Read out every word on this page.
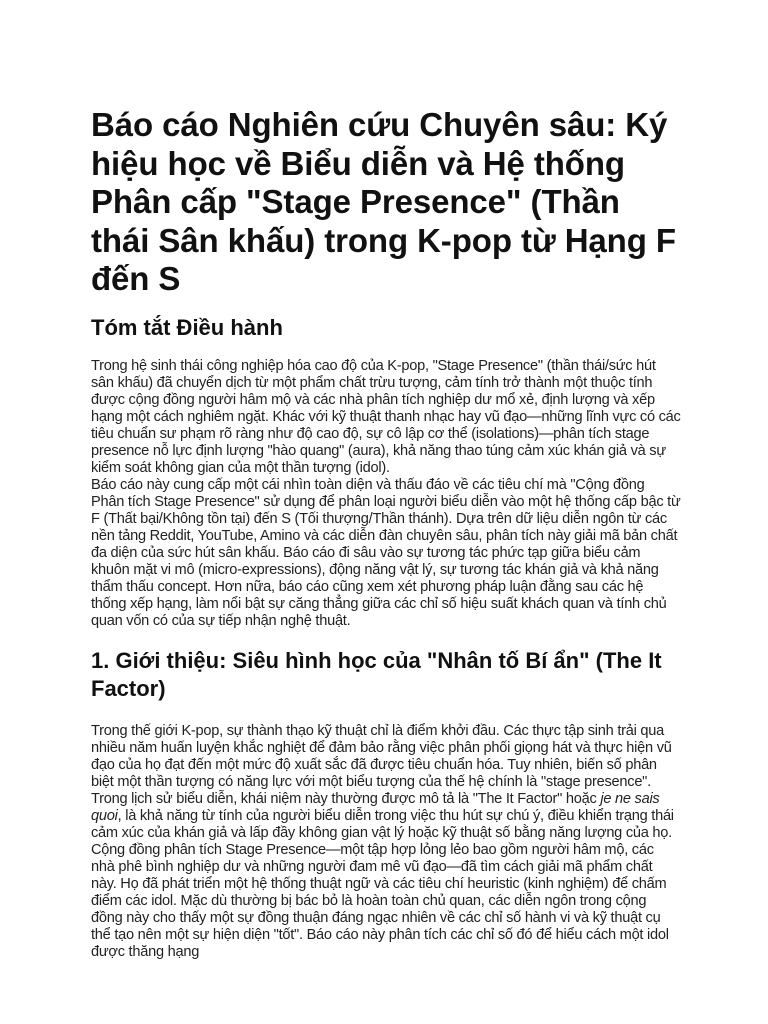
Báo cáo Nghiên cứu Chuyên sâu: Ký hiệu học về Biểu diễn và Hệ thống Phân cấp "Stage Presence" (Thần thái Sân khấu) trong K-pop từ Hạng F đến S
Tóm tắt Điều hành

Trong hệ sinh thái công nghiệp hóa cao độ của K-pop, "Stage Presence" (thần thái/sức hút sân khấu) đã chuyển dịch từ một phẩm chất trừu tượng, cảm tính trở thành một thuộc tính được cộng đồng người hâm mộ và các nhà phân tích nghiệp dư mổ xẻ, định lượng và xếp hạng một cách nghiêm ngặt. Khác với kỹ thuật thanh nhạc hay vũ đạo—những lĩnh vực có các tiêu chuẩn sư phạm rõ ràng như độ cao độ, sự cô lập cơ thể (isolations)—phân tích stage presence nỗ lực định lượng "hào quang" (aura), khả năng thao túng cảm xúc khán giả và sự kiểm soát không gian của một thần tượng (idol).

Báo cáo này cung cấp một cái nhìn toàn diện và thấu đáo về các tiêu chí mà "Cộng đồng Phân tích Stage Presence" sử dụng để phân loại người biểu diễn vào một hệ thống cấp bậc từ F (Thất bại/Không tồn tại) đến S (Tối thượng/Thần thánh). Dựa trên dữ liệu diễn ngôn từ các nền tảng Reddit, YouTube, Amino và các diễn đàn chuyên sâu, phân tích này giải mã bản chất đa diện của sức hút sân khấu. Báo cáo đi sâu vào sự tương tác phức tạp giữa biểu cảm khuôn mặt vi mô (micro-expressions), động năng vật lý, sự tương tác khán giả và khả năng thẩm thấu concept. Hơn nữa, báo cáo cũng xem xét phương pháp luận đằng sau các hệ thống xếp hạng, làm nổi bật sự căng thẳng giữa các chỉ số hiệu suất khách quan và tính chủ quan vốn có của sự tiếp nhận nghệ thuật.

1. Giới thiệu: Siêu hình học của "Nhân tố Bí ẩn" (The It Factor)

Trong thế giới K-pop, sự thành thạo kỹ thuật chỉ là điểm khởi đầu. Các thực tập sinh trải qua nhiều năm huấn luyện khắc nghiệt để đảm bảo rằng việc phân phối giọng hát và thực hiện vũ đạo của họ đạt đến một mức độ xuất sắc đã được tiêu chuẩn hóa. Tuy nhiên, biến số phân biệt một thần tượng có năng lực với một biểu tượng của thế hệ chính là "stage presence". Trong lịch sử biểu diễn, khái niệm này thường được mô tả là "The It Factor" hoặc je ne sais quoi, là khả năng từ tính của người biểu diễn trong việc thu hút sự chú ý, điều khiển trạng thái cảm xúc của khán giả và lấp đầy không gian vật lý hoặc kỹ thuật số bằng năng lượng của họ.

Cộng đồng phân tích Stage Presence—một tập hợp lỏng lẻo bao gồm người hâm mộ, các nhà phê bình nghiệp dư và những người đam mê vũ đạo—đã tìm cách giải mã phẩm chất này. Họ đã phát triển một hệ thống thuật ngữ và các tiêu chí heuristic (kinh nghiệm) để chấm điểm các idol. Mặc dù thường bị bác bỏ là hoàn toàn chủ quan, các diễn ngôn trong cộng đồng này cho thấy một sự đồng thuận đáng ngạc nhiên về các chỉ số hành vi và kỹ thuật cụ thể tạo nên một sự hiện diện "tốt". Báo cáo này phân tích các chỉ số đó để hiểu cách một idol được thăng hạng
